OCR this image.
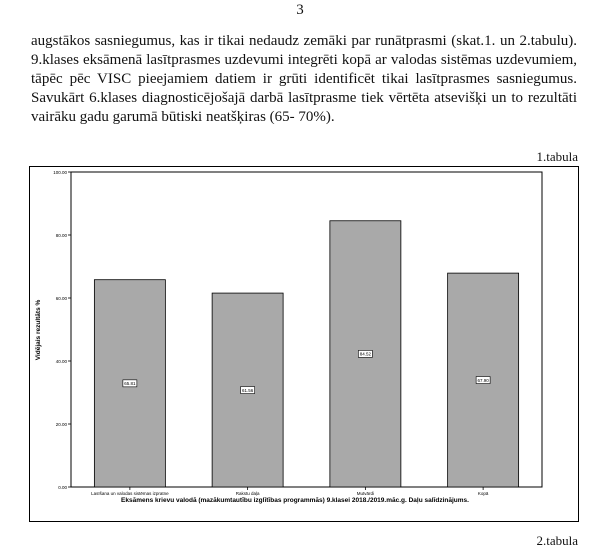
3

augstākos sasniegumus, kas ir tikai nedaudz zemāki par runātprasmi (skat.1. un 2.tabulu). 9.klases eksāmenā lasītprasmes uzdevumi integrēti kopā ar valodas sistēmas uzdevumiem, tāpēc pēc VISC pieejamiem datiem ir grūti identificēt tikai lasītprasmes sasniegumus. Savukārt 6.klases diagnosticējošajā darbā lasītprasme tiek vērtēta atsevišķi un to rezultāti vairāku gadu garumā būtiski neatšķiras (65- 70%).

1.tabula
0.00
20.00
40.00
60.00
80.00
100.00
65.81
61.56
84.52
67.90
Lasīšana un valodas sistēmas izpratne	Rakstu daļa	Mutvārdi	Kopā
Vidējais rezultāts %
Eksāmens krievu valodā (mazākumtautību izglītības programmās) 9.klasei 2018./2019.māc.g. Daļu salīdzinājums.
2.tabula
